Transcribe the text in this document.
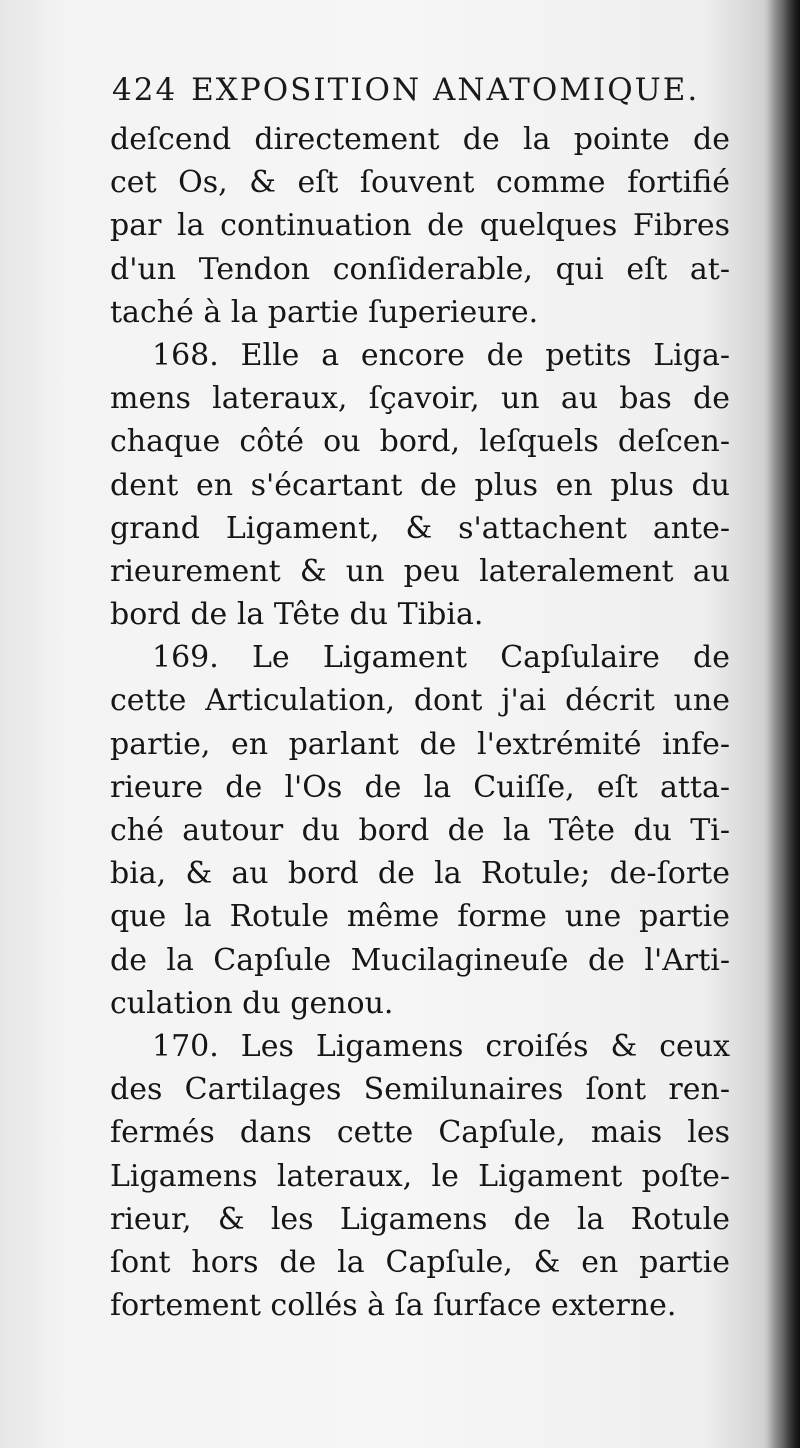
424 EXPOSITION ANATOMIQUE.
deſcend directement de la pointe de
cet Os, & eſt ſouvent comme fortifié
par la continuation de quelques Fibres
d'un Tendon conſiderable, qui eſt at-
taché à la partie ſuperieure.
168. Elle a encore de petits Liga-
mens lateraux, ſçavoir, un au bas de
chaque côté ou bord, leſquels deſcen-
dent en s'écartant de plus en plus du
grand Ligament, & s'attachent ante-
rieurement & un peu lateralement au
bord de la Tête du Tibia.
169. Le Ligament Capſulaire de
cette Articulation, dont j'ai décrit une
partie, en parlant de l'extrémité infe-
rieure de l'Os de la Cuiſſe, eſt atta-
ché autour du bord de la Tête du Ti-
bia, & au bord de la Rotule; de-ſorte
que la Rotule même forme une partie
de la Capſule Mucilagineuſe de l'Arti-
culation du genou.
170. Les Ligamens croiſés & ceux
des Cartilages Semilunaires ſont ren-
fermés dans cette Capſule, mais les
Ligamens lateraux, le Ligament poſte-
rieur, & les Ligamens de la Rotule
ſont hors de la Capſule, & en partie
fortement collés à ſa ſurface externe.
